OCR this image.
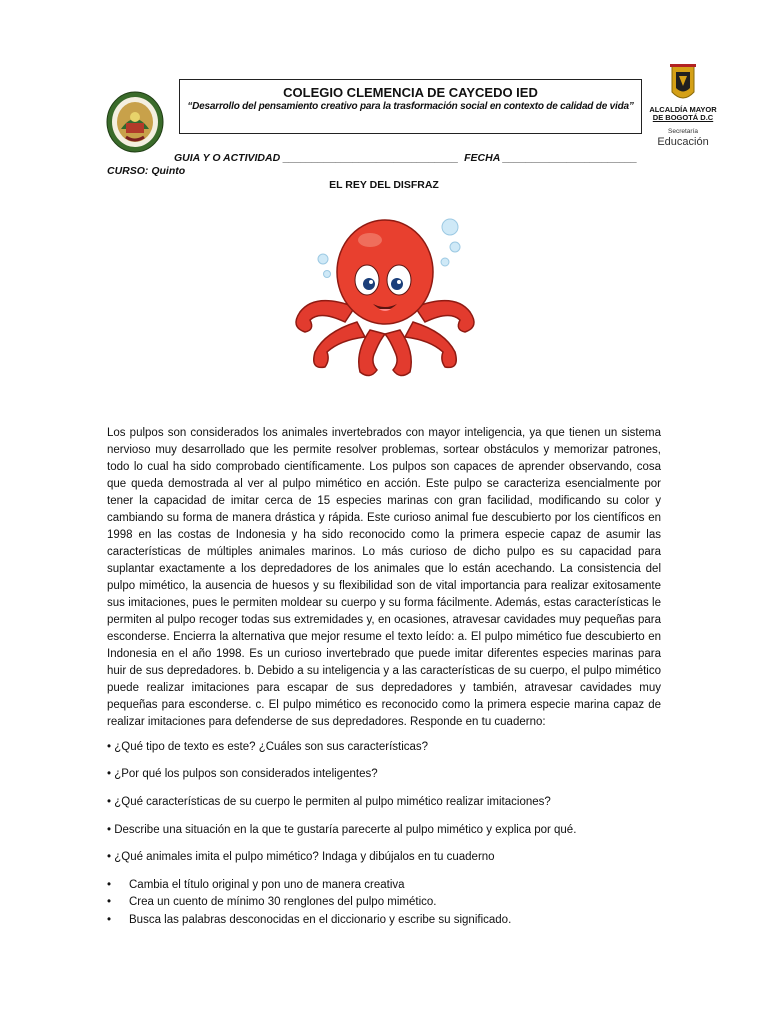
COLEGIO CLEMENCIA DE CAYCEDO IED
“Desarrollo del pensamiento creativo para la trasformación social en contexto de calidad de vida”	ALCALDÍA MAYOR
DE BOGOTÁ D.C
Secretaría
Educación
GUIA Y O ACTIVIDAD ______________________________  FECHA _______________________
CURSO: Quinto
EL REY DEL DISFRAZ
Los pulpos son considerados los animales invertebrados con mayor inteligencia, ya que tienen un sistema nervioso muy desarrollado que les permite resolver problemas, sortear obstáculos y memorizar patrones, todo lo cual ha sido comprobado científicamente. Los pulpos son capaces de aprender observando, cosa que queda demostrada al ver al pulpo mimético en acción. Este pulpo se caracteriza esencialmente por tener la capacidad de imitar cerca de 15 especies marinas con gran facilidad, modificando su color y cambiando su forma de manera drástica y rápida. Este curioso animal fue descubierto por los científicos en 1998 en las costas de Indonesia y ha sido reconocido como la primera especie capaz de asumir las características de múltiples animales marinos. Lo más curioso de dicho pulpo es su capacidad para suplantar exactamente a los depredadores de los animales que lo están acechando. La consistencia del pulpo mimético, la ausencia de huesos y su flexibilidad son de vital importancia para realizar exitosamente sus imitaciones, pues le permiten moldear su cuerpo y su forma fácilmente. Además, estas características le permiten al pulpo recoger todas sus extremidades y, en ocasiones, atravesar cavidades muy pequeñas para esconderse. Encierra la alternativa que mejor resume el texto leído: a. El pulpo mimético fue descubierto en Indonesia en el año 1998. Es un curioso invertebrado que puede imitar diferentes especies marinas para huir de sus depredadores. b. Debido a su inteligencia y a las características de su cuerpo, el pulpo mimético puede realizar imitaciones para escapar de sus depredadores y también, atravesar cavidades muy pequeñas para esconderse. c. El pulpo mimético es reconocido como la primera especie marina capaz de realizar imitaciones para defenderse de sus depredadores. Responde en tu cuaderno:
• ¿Qué tipo de texto es este? ¿Cuáles son sus características?
• ¿Por qué los pulpos son considerados inteligentes?
• ¿Qué características de su cuerpo le permiten al pulpo mimético realizar imitaciones?
• Describe una situación en la que te gustaría parecerte al pulpo mimético y explica por qué.
• ¿Qué animales imita el pulpo mimético? Indaga y dibújalos en tu cuaderno
• Cambia el título original y pon uno de manera creativa
• Crea un cuento de mínimo 30 renglones del pulpo mimético.
• Busca las palabras desconocidas en el diccionario y escribe su significado.
